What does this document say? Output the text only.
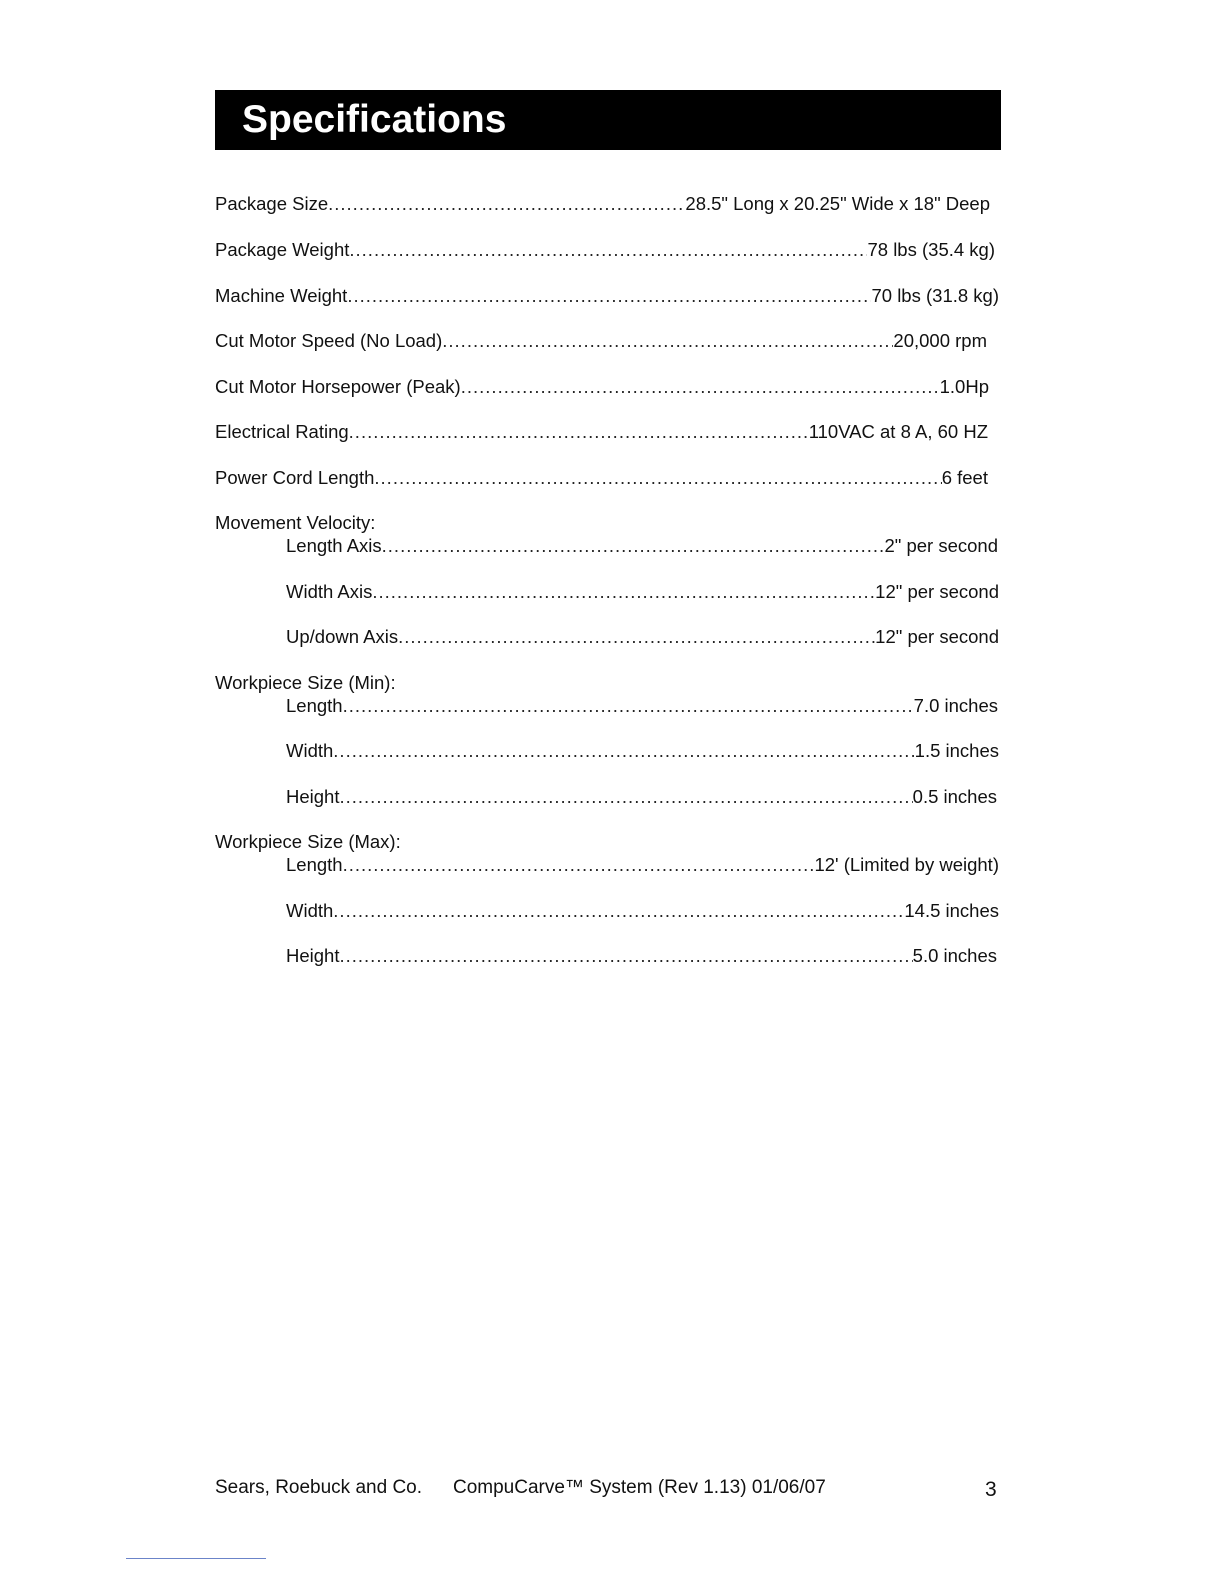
Specifications
Package Size .....	28.5" Long x 20.25" Wide x 18" Deep
Package Weight .....	78 lbs (35.4 kg)
Machine Weight .....	70 lbs (31.8 kg)
Cut Motor Speed (No Load) .....	20,000 rpm
Cut Motor Horsepower (Peak) .....	1.0Hp
Electrical Rating .....	110VAC at 8 A, 60 HZ
Power Cord Length .....	6 feet
Movement Velocity:
Length Axis .....	2" per second
Width Axis .....	12" per second
Up/down Axis .....	12" per second
Workpiece Size (Min):
Length .....	7.0 inches
Width .....	1.5 inches
Height .....	0.5 inches
Workpiece Size (Max):
Length .....	12' (Limited by weight)
Width .....	14.5 inches
Height .....	5.0 inches
Sears, Roebuck and Co. CompuCarve™ System (Rev 1.13) 01/06/07	3
